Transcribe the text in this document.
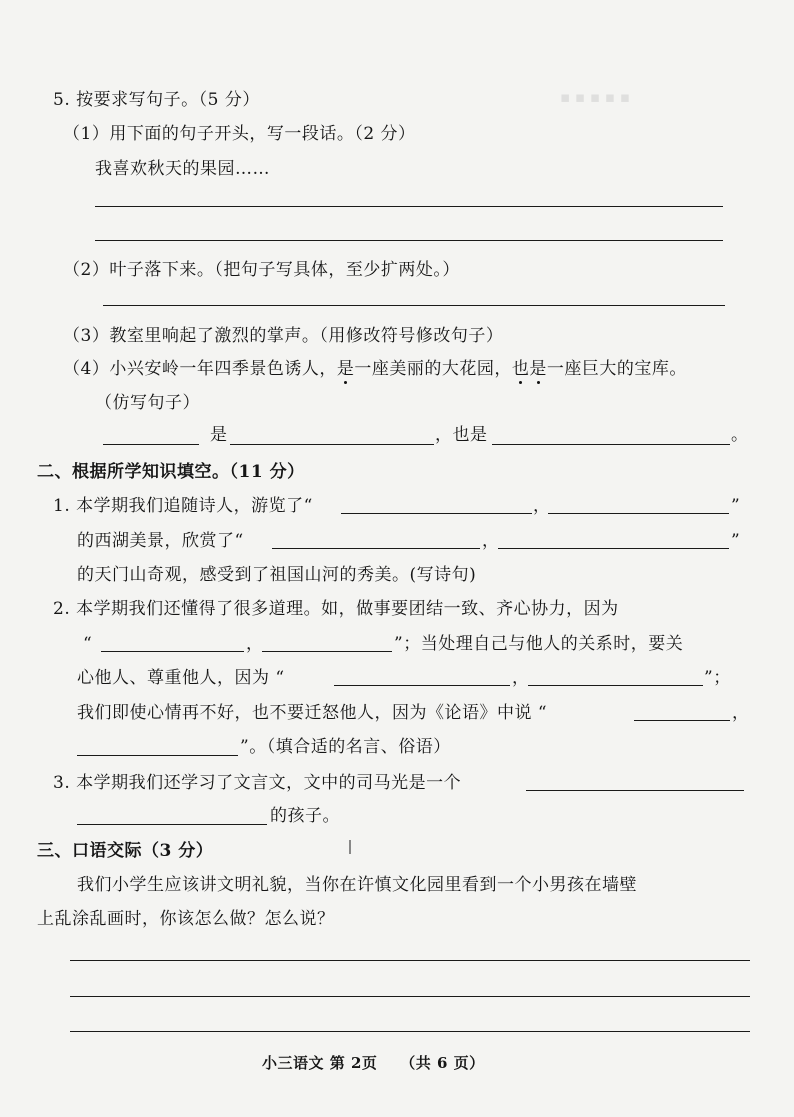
▪ ▪ ▪ ▪ ▪
5. 按要求写句子。（5 分）
（1）用下面的句子开头，写一段话。（2 分）
我喜欢秋天的果园……
（2）叶子落下来。（把句子写具体，至少扩两处。）
（3）教室里响起了激烈的掌声。（用修改符号修改句子）
（4）小兴安岭一年四季景色诱人，是一座美丽的大花园，也是一座巨大的宝库。
（仿写句子）
是	，也是	。
二、根据所学知识填空。（11 分）
1. 本学期我们追随诗人，游览了“	，	”
的西湖美景，欣赏了“	，	”
的天门山奇观，感受到了祖国山河的秀美。(写诗句)
2. 本学期我们还懂得了很多道理。如，做事要团结一致、齐心协力，因为
“	，	”；当处理自己与他人的关系时，要关
心他人、尊重他人，因为 “	，	”；
我们即使心情再不好，也不要迁怒他人，因为《论语》中说 “	，
”。（填合适的名言、俗语）
3. 本学期我们还学习了文言文，文中的司马光是一个
的孩子。
三、口语交际（3 分）
我们小学生应该讲文明礼貌，当你在许慎文化园里看到一个小男孩在墙壁
上乱涂乱画时，你该怎么做？怎么说？
小三语文 第 2页    （共 6 页）
